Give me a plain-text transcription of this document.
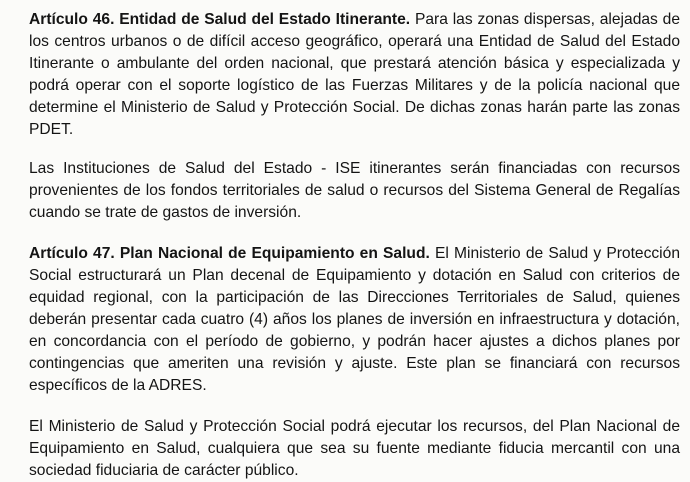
Artículo 46. Entidad de Salud del Estado Itinerante. Para las zonas dispersas, alejadas de los centros urbanos o de difícil acceso geográfico, operará una Entidad de Salud del Estado Itinerante o ambulante del orden nacional, que prestará atención básica y especializada y podrá operar con el soporte logístico de las Fuerzas Militares y de la policía nacional que determine el Ministerio de Salud y Protección Social. De dichas zonas harán parte las zonas PDET.

Las Instituciones de Salud del Estado - ISE itinerantes serán financiadas con recursos provenientes de los fondos territoriales de salud o recursos del Sistema General de Regalías cuando se trate de gastos de inversión.

Artículo 47. Plan Nacional de Equipamiento en Salud. El Ministerio de Salud y Protección Social estructurará un Plan decenal de Equipamiento y dotación en Salud con criterios de equidad regional, con la participación de las Direcciones Territoriales de Salud, quienes deberán presentar cada cuatro (4) años los planes de inversión en infraestructura y dotación, en concordancia con el período de gobierno, y podrán hacer ajustes a dichos planes por contingencias que ameriten una revisión y ajuste. Este plan se financiará con recursos específicos de la ADRES.

El Ministerio de Salud y Protección Social podrá ejecutar los recursos, del Plan Nacional de Equipamiento en Salud, cualquiera que sea su fuente mediante fiducia mercantil con una sociedad fiduciaria de carácter público.
